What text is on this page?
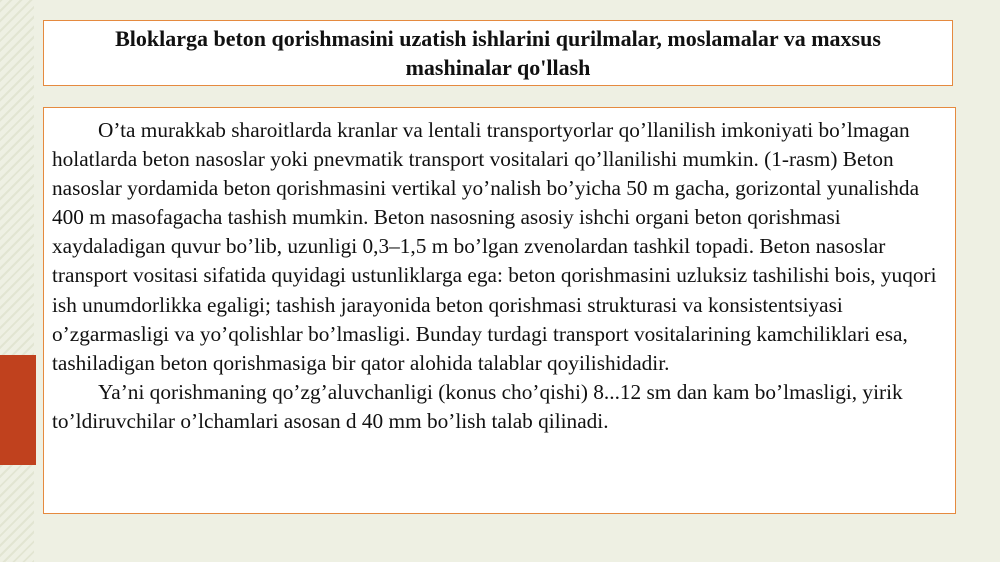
Bloklarga beton qorishmasini uzatish ishlarini qurilmalar, moslamalar va maxsus mashinalar qo'llash

O’ta murakkab sharoitlarda kranlar va lentali transportyorlar qo’llanilish imkoniyati bo’lmagan holatlarda beton nasoslar yoki pnevmatik transport vositalari qo’llanilishi mumkin. (1-rasm) Beton nasoslar yordamida beton qorishmasini vertikal yo’nalish bo’yicha 50 m gacha, gorizontal yunalishda 400 m masofagacha tashish mumkin. Beton nasosning asosiy ishchi organi beton qorishmasi xaydaladigan quvur bo’lib, uzunligi 0,3–1,5 m bo’lgan zvenolardan tashkil topadi. Beton nasoslar transport vositasi sifatida quyidagi ustunliklarga ega: beton qorishmasini uzluksiz tashilishi bois, yuqori ish unumdorlikka egaligi; tashish jarayonida beton qorishmasi strukturasi va konsistentsiyasi o’zgarmasligi va yo’qolishlar bo’lmasligi. Bunday turdagi transport vositalarining kamchiliklari esa, tashiladigan beton qorishmasiga bir qator alohida talablar qoyilishidadir.

Ya’ni qorishmaning qo’zg’aluvchanligi (konus cho’qishi) 8...12 sm dan kam bo’lmasligi, yirik to’ldiruvchilar o’lchamlari asosan d 40 mm bo’lish talab qilinadi.
